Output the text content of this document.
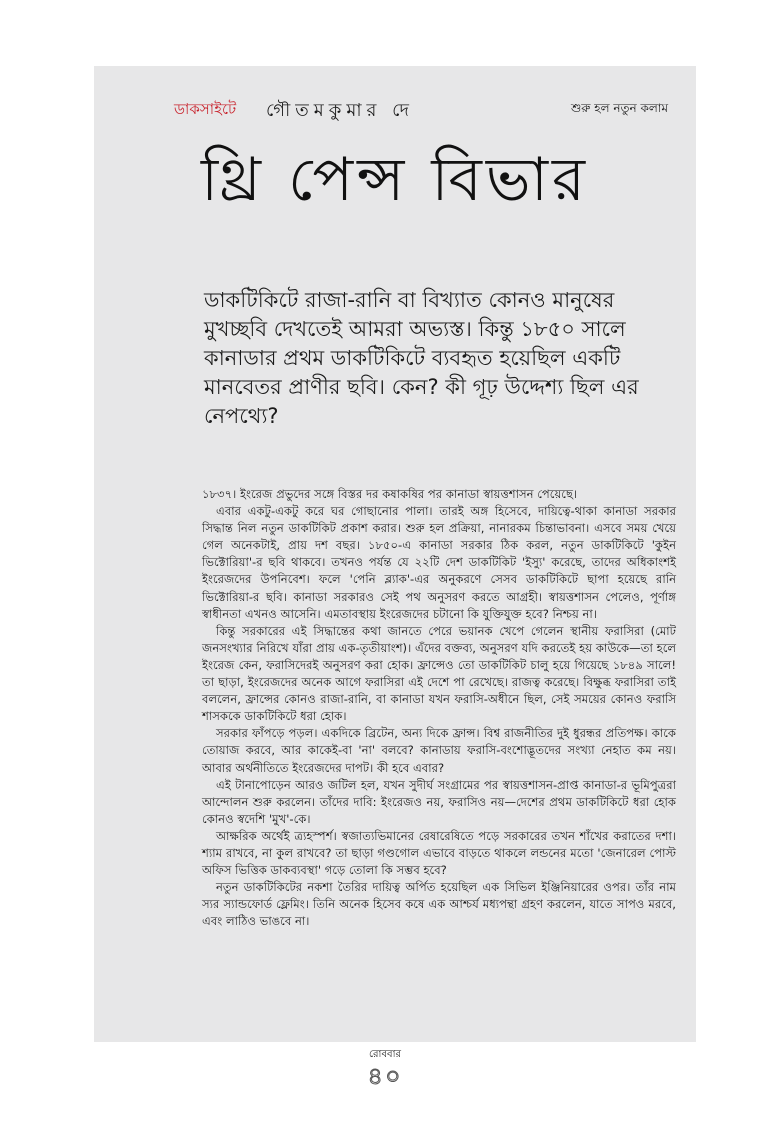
ডাকসাইটে গৌতমকুমার দে	শুরু হল নতুন কলাম
থ্রি পেন্স বিভার
ডাকটিকিটে রাজা-রানি বা বিখ্যাত কোনও মানুষের মুখচ্ছবি দেখতেই আমরা অভ্যস্ত। কিন্তু ১৮৫০ সালে কানাডার প্রথম ডাকটিকিটে ব্যবহৃত হয়েছিল একটি মানবেতর প্রাণীর ছবি। কেন? কী গূঢ় উদ্দেশ্য ছিল এর নেপথ্যে?

১৮৩৭। ইংরেজ প্রভুদের সঙ্গে বিস্তর দর কষাকষির পর কানাডা স্বায়ত্তশাসন পেয়েছে।

এবার একটু-একটু করে ঘর গোছানোর পালা। তারই অঙ্গ হিসেবে, দায়িত্বে-থাকা কানাডা সরকার সিদ্ধান্ত নিল নতুন ডাকটিকিট প্রকাশ করার। শুরু হল প্রক্রিয়া, নানারকম চিন্তাভাবনা। এসবে সময় খেয়ে গেল অনেকটাই, প্রায় দশ বছর। ১৮৫০-এ কানাডা সরকার ঠিক করল, নতুন ডাকটিকিটে 'কুইন ভিক্টোরিয়া'-র ছবি থাকবে। তখনও পর্যন্ত যে ২২টি দেশ ডাকটিকিট 'ইস্যু' করেছে, তাদের অধিকাংশই ইংরেজদের উপনিবেশ। ফলে 'পেনি ব্ল্যাক'-এর অনুকরণে সেসব ডাকটিকিটে ছাপা হয়েছে রানি ভিক্টোরিয়া-র ছবি। কানাডা সরকারও সেই পথ অনুসরণ করতে আগ্রহী। স্বায়ত্তশাসন পেলেও, পূর্ণাঙ্গ স্বাধীনতা এখনও আসেনি। এমতাবস্থায় ইংরেজদের চটানো কি যুক্তিযুক্ত হবে? নিশ্চয় না।

কিন্তু সরকারের এই সিদ্ধান্তের কথা জানতে পেরে ভয়ানক খেপে গেলেন স্থানীয় ফরাসিরা (মোট জনসংখ্যার নিরিখে যাঁরা প্রায় এক-তৃতীয়াংশ)। এঁদের বক্তব্য, অনুসরণ যদি করতেই হয় কাউকে—তা হলে ইংরেজ কেন, ফরাসিদেরই অনুসরণ করা হোক। ফ্রান্সেও তো ডাকটিকিট চালু হয়ে গিয়েছে ১৮৪৯ সালে! তা ছাড়া, ইংরেজদের অনেক আগে ফরাসিরা এই দেশে পা রেখেছে। রাজত্ব করেছে। বিক্ষুব্ধ ফরাসিরা তাই বললেন, ফ্রান্সের কোনও রাজা-রানি, বা কানাডা যখন ফরাসি-অধীনে ছিল, সেই সময়ের কোনও ফরাসি শাসককে ডাকটিকিটে ধরা হোক।

সরকার ফাঁপড়ে পড়ল। একদিকে ব্রিটেন, অন্য দিকে ফ্রান্স। বিশ্ব রাজনীতির দুই ধুরন্ধর প্রতিপক্ষ। কাকে তোয়াজ করবে, আর কাকেই-বা 'না' বলবে? কানাডায় ফরাসি-বংশোদ্ভূতদের সংখ্যা নেহাত কম নয়। আবার অর্থনীতিতে ইংরেজদের দাপট। কী হবে এবার?

এই টানাপোড়েন আরও জটিল হল, যখন সুদীর্ঘ সংগ্রামের পর স্বায়ত্তশাসন-প্রাপ্ত কানাডা-র ভূমিপুত্ররা আন্দোলন শুরু করলেন। তাঁদের দাবি: ইংরেজও নয়, ফরাসিও নয়—দেশের প্রথম ডাকটিকিটে ধরা হোক কোনও স্বদেশি 'মুখ'-কে।

আক্ষরিক অর্থেই ত্র্যহস্পর্শ। স্বজাত্যভিমানের রেষারেষিতে পড়ে সরকারের তখন শাঁখের করাতের দশা। শ্যাম রাখবে, না কুল রাখবে? তা ছাড়া গণ্ডগোল এভাবে বাড়তে থাকলে লন্ডনের মতো 'জেনারেল পোস্ট অফিস ভিত্তিক ডাকব্যবস্থা' গড়ে তোলা কি সম্ভব হবে?

নতুন ডাকটিকিটের নকশা তৈরির দায়িত্ব অর্পিত হয়েছিল এক সিভিল ইঞ্জিনিয়ারের ওপর। তাঁর নাম স্যর স্যান্ডফোর্ড ফ্লেমিং। তিনি অনেক হিসেব কষে এক আশ্চর্য মধ্যপন্থা গ্রহণ করলেন, যাতে সাপও মরবে, এবং লাঠিও ভাঙবে না।

রোববার
৪০
